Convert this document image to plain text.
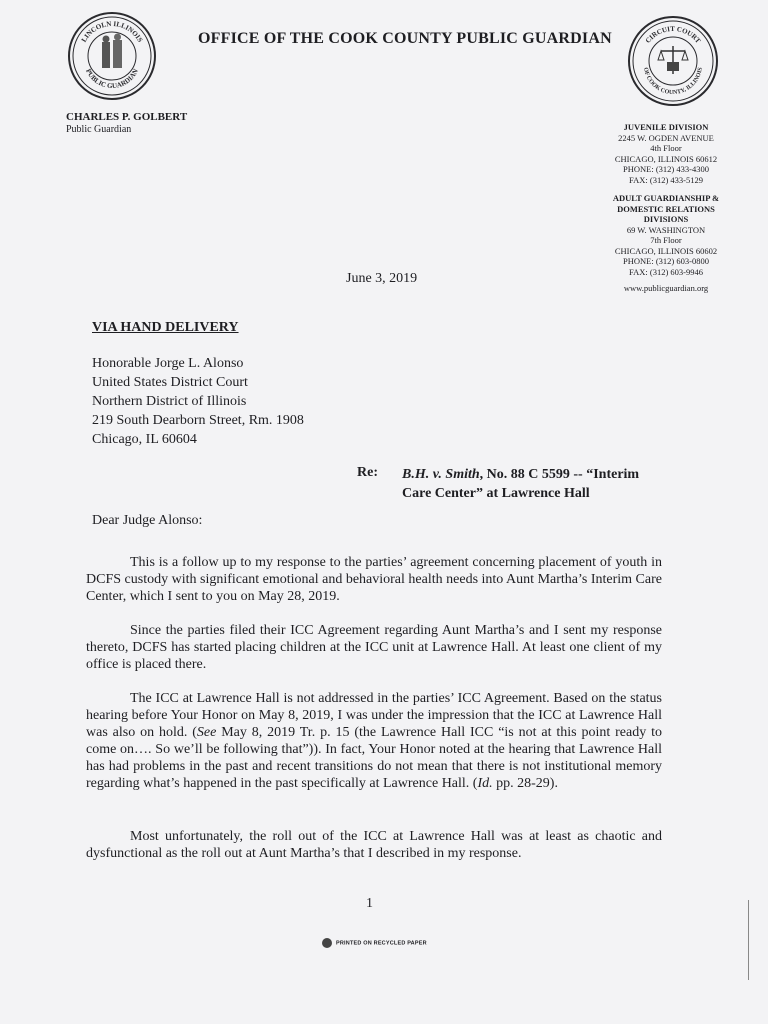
LINCOLN ILLINOIS
PUBLIC GUARDIAN
OFFICE OF THE COOK COUNTY PUBLIC GUARDIAN	CIRCUIT COURT
OF COOK COUNTY, ILLINOIS
CHARLES P. GOLBERT
Public Guardian	JUVENILE DIVISION
2245 W. OGDEN AVENUE
4th Floor
CHICAGO, ILLINOIS 60612
PHONE: (312) 433-4300
FAX: (312) 433-5129
ADULT GUARDIANSHIP &
DOMESTIC RELATIONS
DIVISIONS
69 W. WASHINGTON
7th Floor
CHICAGO, ILLINOIS 60602
PHONE: (312) 603-0800
FAX: (312) 603-9946
www.publicguardian.org
June 3, 2019
VIA HAND DELIVERY
Honorable Jorge L. Alonso
United States District Court
Northern District of Illinois
219 South Dearborn Street, Rm. 1908
Chicago, IL 60604
Re: B.H. v. Smith, No. 88 C 5599 -- “Interim Care Center” at Lawrence Hall
Dear Judge Alonso:
This is a follow up to my response to the parties’ agreement concerning placement of youth in DCFS custody with significant emotional and behavioral health needs into Aunt Martha’s Interim Care Center, which I sent to you on May 28, 2019.
Since the parties filed their ICC Agreement regarding Aunt Martha’s and I sent my response thereto, DCFS has started placing children at the ICC unit at Lawrence Hall. At least one client of my office is placed there.
The ICC at Lawrence Hall is not addressed in the parties’ ICC Agreement. Based on the status hearing before Your Honor on May 8, 2019, I was under the impression that the ICC at Lawrence Hall was also on hold. (See May 8, 2019 Tr. p. 15 (the Lawrence Hall ICC “is not at this point ready to come on…. So we’ll be following that”)). In fact, Your Honor noted at the hearing that Lawrence Hall has had problems in the past and recent transitions do not mean that there is not institutional memory regarding what’s happened in the past specifically at Lawrence Hall. (Id. pp. 28-29).
Most unfortunately, the roll out of the ICC at Lawrence Hall was at least as chaotic and dysfunctional as the roll out at Aunt Martha’s that I described in my response.
1
PRINTED ON RECYCLED PAPER
